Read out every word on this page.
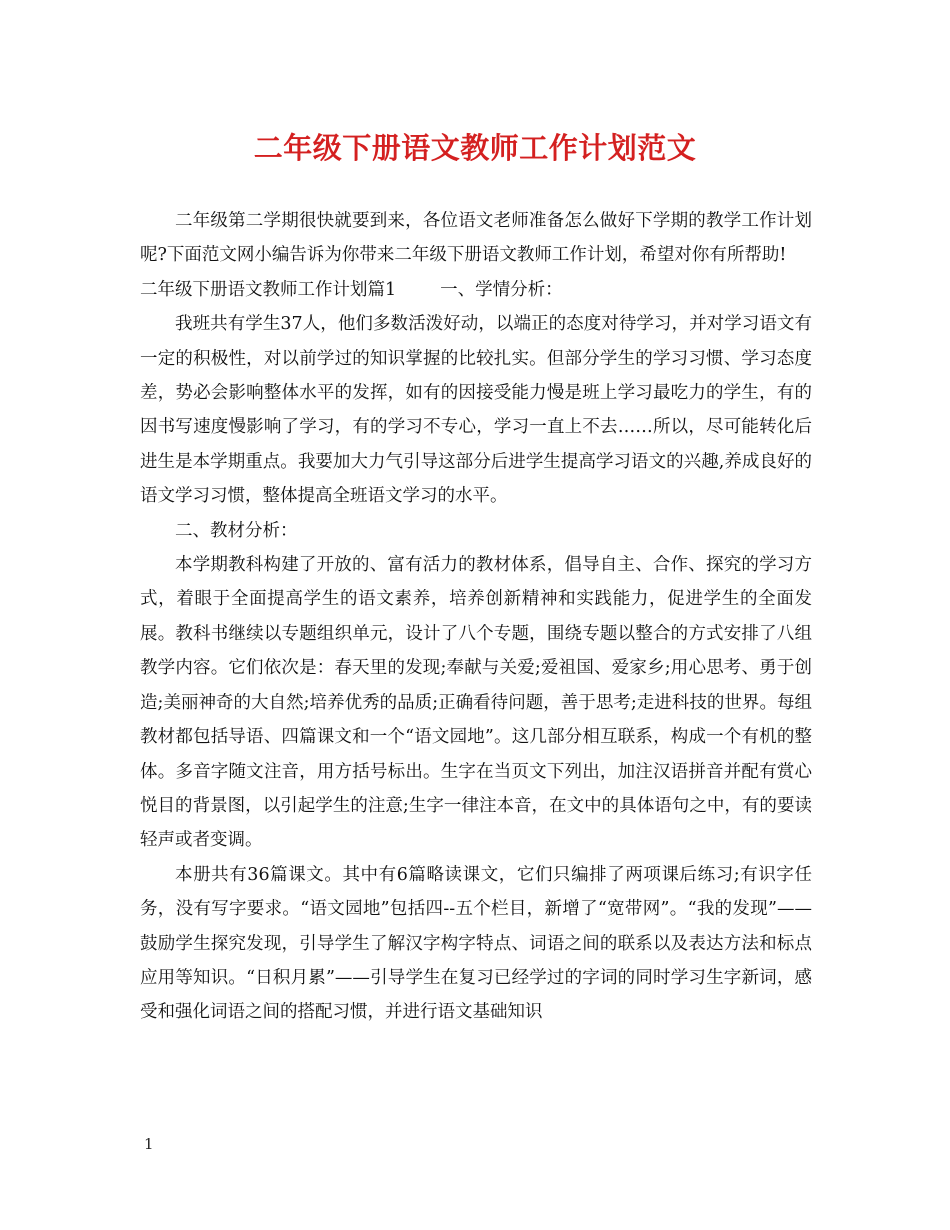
二年级下册语文教师工作计划范文

二年级第二学期很快就要到来，各位语文老师准备怎么做好下学期的教学工作计划呢?下面范文网小编告诉为你带来二年级下册语文教师工作计划，希望对你有所帮助!

二年级下册语文教师工作计划篇1	一、学情分析：

我班共有学生37人，他们多数活泼好动，以端正的态度对待学习，并对学习语文有一定的积极性，对以前学过的知识掌握的比较扎实。但部分学生的学习习惯、学习态度差，势必会影响整体水平的发挥，如有的因接受能力慢是班上学习最吃力的学生，有的因书写速度慢影响了学习，有的学习不专心，学习一直上不去……所以，尽可能转化后进生是本学期重点。我要加大力气引导这部分后进学生提高学习语文的兴趣,养成良好的语文学习习惯，整体提高全班语文学习的水平。

二、教材分析：

本学期教科构建了开放的、富有活力的教材体系，倡导自主、合作、探究的学习方式，着眼于全面提高学生的语文素养，培养创新精神和实践能力，促进学生的全面发展。教科书继续以专题组织单元，设计了八个专题，围绕专题以整合的方式安排了八组教学内容。它们依次是：春天里的发现;奉献与关爱;爱祖国、爱家乡;用心思考、勇于创造;美丽神奇的大自然;培养优秀的品质;正确看待问题，善于思考;走进科技的世界。每组教材都包括导语、四篇课文和一个“语文园地”。这几部分相互联系，构成一个有机的整体。多音字随文注音，用方括号标出。生字在当页文下列出，加注汉语拼音并配有赏心悦目的背景图，以引起学生的注意;生字一律注本音，在文中的具体语句之中，有的要读轻声或者变调。

本册共有36篇课文。其中有6篇略读课文，它们只编排了两项课后练习;有识字任务，没有写字要求。“语文园地”包括四--五个栏目，新增了“宽带网”。“我的发现”——鼓励学生探究发现，引导学生了解汉字构字特点、词语之间的联系以及表达方法和标点应用等知识。“日积月累”——引导学生在复习已经学过的字词的同时学习生字新词，感受和强化词语之间的搭配习惯，并进行语文基础知识

1
